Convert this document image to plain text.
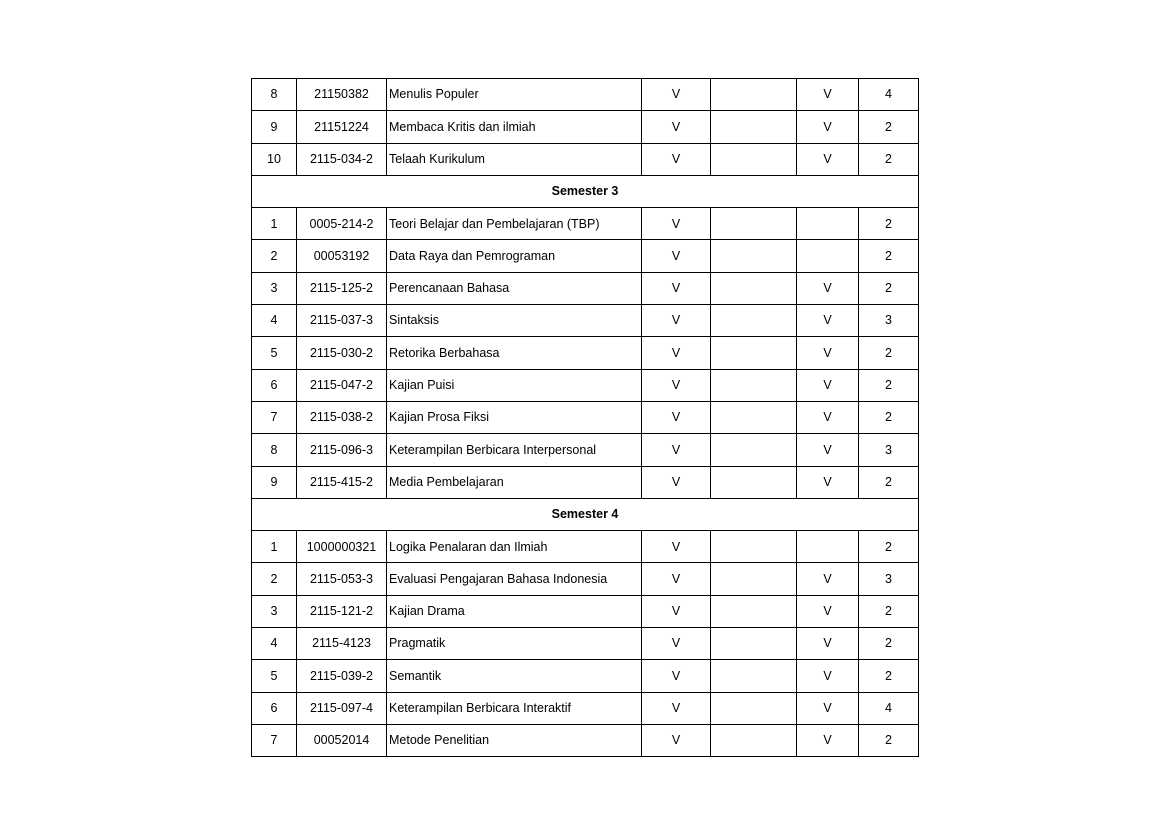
8	21150382	Menulis Populer	V		V	4
9	21151224	Membaca Kritis dan ilmiah	V		V	2
10	2115-034-2	Telaah Kurikulum	V		V	2
Semester 3						
1	0005-214-2	Teori Belajar dan Pembelajaran (TBP)	V			2
2	00053192	Data Raya dan Pemrograman	V			2
3	2115-125-2	Perencanaan Bahasa	V		V	2
4	2115-037-3	Sintaksis	V		V	3
5	2115-030-2	Retorika Berbahasa	V		V	2
6	2115-047-2	Kajian Puisi	V		V	2
7	2115-038-2	Kajian Prosa Fiksi	V		V	2
8	2115-096-3	Keterampilan Berbicara Interpersonal	V		V	3
9	2115-415-2	Media Pembelajaran	V		V	2
Semester 4						
1	1000000321	Logika Penalaran dan Ilmiah	V			2
2	2115-053-3	Evaluasi Pengajaran Bahasa Indonesia	V		V	3
3	2115-121-2	Kajian Drama	V		V	2
4	2115-4123	Pragmatik	V		V	2
5	2115-039-2	Semantik	V		V	2
6	2115-097-4	Keterampilan Berbicara Interaktif	V		V	4
7	00052014	Metode Penelitian	V		V	2
